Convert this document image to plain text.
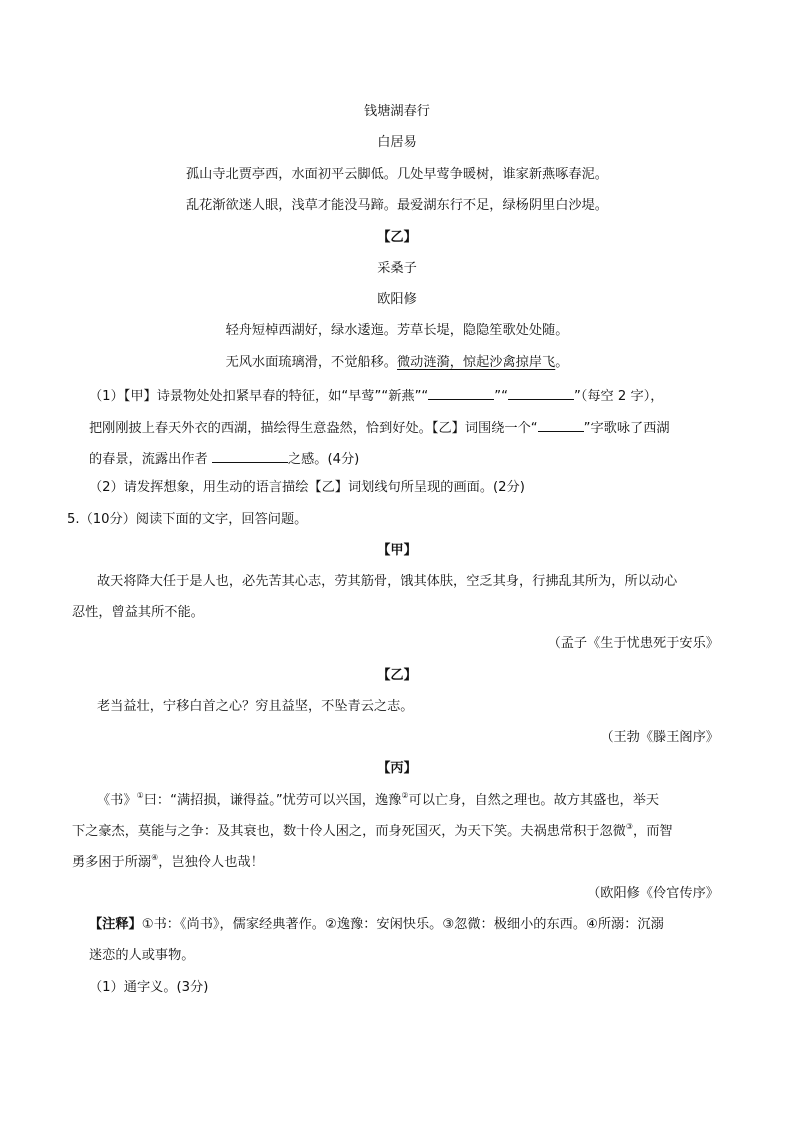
钱塘湖春行
白居易
孤山寺北贾亭西，水面初平云脚低。几处早莺争暖树，谁家新燕啄春泥。
乱花渐欲迷人眼，浅草才能没马蹄。最爱湖东行不足，绿杨阴里白沙堤。
【乙】
采桑子
欧阳修
轻舟短棹西湖好，绿水逶迤。芳草长堤，隐隐笙歌处处随。
无风水面琉璃滑，不觉船移。微动涟漪，惊起沙禽掠岸飞。
（1）【甲】诗景物处处扣紧早春的特征，如“早莺”“新燕”“	”“	”（每空 2 字），
把刚刚披上春天外衣的西湖，描绘得生意盎然，恰到好处。【乙】词围绕一个“	”字歌咏了西湖
的春景，流露出作者	之感。(4分)
（2）请发挥想象，用生动的语言描绘【乙】词划线句所呈现的画面。(2分)
5.（10分）阅读下面的文字，回答问题。
【甲】
故天将降大任于是人也，必先苦其心志，劳其筋骨，饿其体肤，空乏其身，行拂乱其所为，所以动心
忍性，曾益其所不能。
（孟子《生于忧患死于安乐》
【乙】
老当益壮，宁移白首之心？穷且益坚，不坠青云之志。
（王勃《滕王阁序》
【丙】
《书》①曰：“满招损，谦得益。”忧劳可以兴国，逸豫②可以亡身，自然之理也。故方其盛也，举天
下之豪杰，莫能与之争：及其衰也，数十伶人困之，而身死国灭，为天下笑。夫祸患常积于忽微③，而智
勇多困于所溺④，岂独伶人也哉！
（欧阳修《伶官传序》
【注释】①书：《尚书》，儒家经典著作。②逸豫：安闲快乐。③忽微：极细小的东西。④所溺：沉溺
迷恋的人或事物。
（1）通字义。(3分)
